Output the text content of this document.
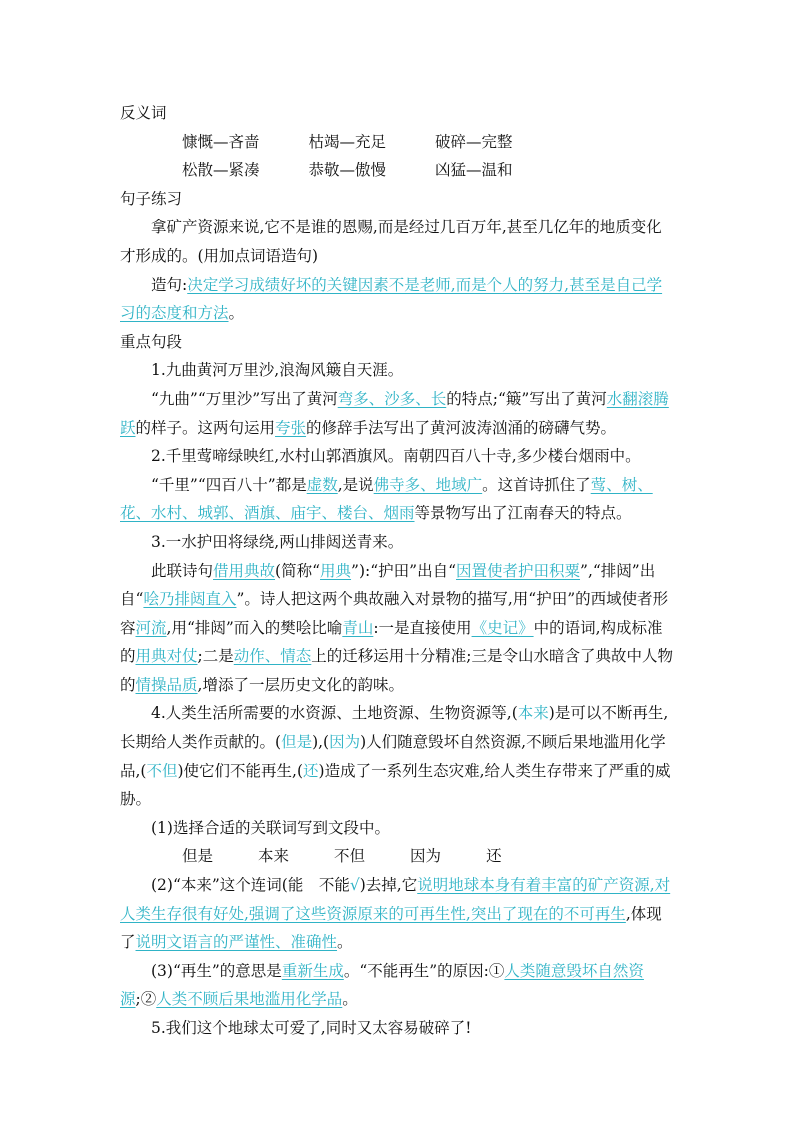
反义词

慷慨—吝啬	枯竭—充足	破碎—完整

松散—紧凑	恭敬—傲慢	凶猛—温和

句子练习

拿矿产资源来说,它不是谁的恩赐,而是经过几百万年,甚至几亿年的地质变化才形成的。(用加点词语造句)

造句:决定学习成绩好坏的关键因素不是老师,而是个人的努力,甚至是自己学习的态度和方法。

重点句段

1.九曲黄河万里沙,浪淘风簸自天涯。

“九曲”“万里沙”写出了黄河弯多、沙多、长的特点;“簸”写出了黄河水翻滚腾跃的样子。这两句运用夸张的修辞手法写出了黄河波涛汹涌的磅礴气势。

2.千里莺啼绿映红,水村山郭酒旗风。南朝四百八十寺,多少楼台烟雨中。

“千里”“四百八十”都是虚数,是说佛寺多、地域广。这首诗抓住了莺、树、花、水村、城郭、酒旗、庙宇、楼台、烟雨等景物写出了江南春天的特点。

3.一水护田将绿绕,两山排闼送青来。

此联诗句借用典故(简称“用典”):“护田”出自“因置使者护田积粟”,“排闼”出自“哙乃排闼直入”。诗人把这两个典故融入对景物的描写,用“护田”的西域使者形容河流,用“排闼”而入的樊哙比喻青山:一是直接使用《史记》中的语词,构成标准的用典对仗;二是动作、情态上的迁移运用十分精准;三是令山水暗含了典故中人物的情操品质,增添了一层历史文化的韵味。

4.人类生活所需要的水资源、土地资源、生物资源等,(本来)是可以不断再生,长期给人类作贡献的。(但是),(因为)人们随意毁坏自然资源,不顾后果地滥用化学品,(不但)使它们不能再生,(还)造成了一系列生态灾难,给人类生存带来了严重的威胁。

(1)选择合适的关联词写到文段中。

但是	本来	不但	因为	还

(2)“本来”这个连词(能　不能√)去掉,它说明地球本身有着丰富的矿产资源,对人类生存很有好处,强调了这些资源原来的可再生性,突出了现在的不可再生,体现了说明文语言的严谨性、准确性。

(3)“再生”的意思是重新生成。“不能再生”的原因:①人类随意毁坏自然资源;②人类不顾后果地滥用化学品。

5.我们这个地球太可爱了,同时又太容易破碎了!
